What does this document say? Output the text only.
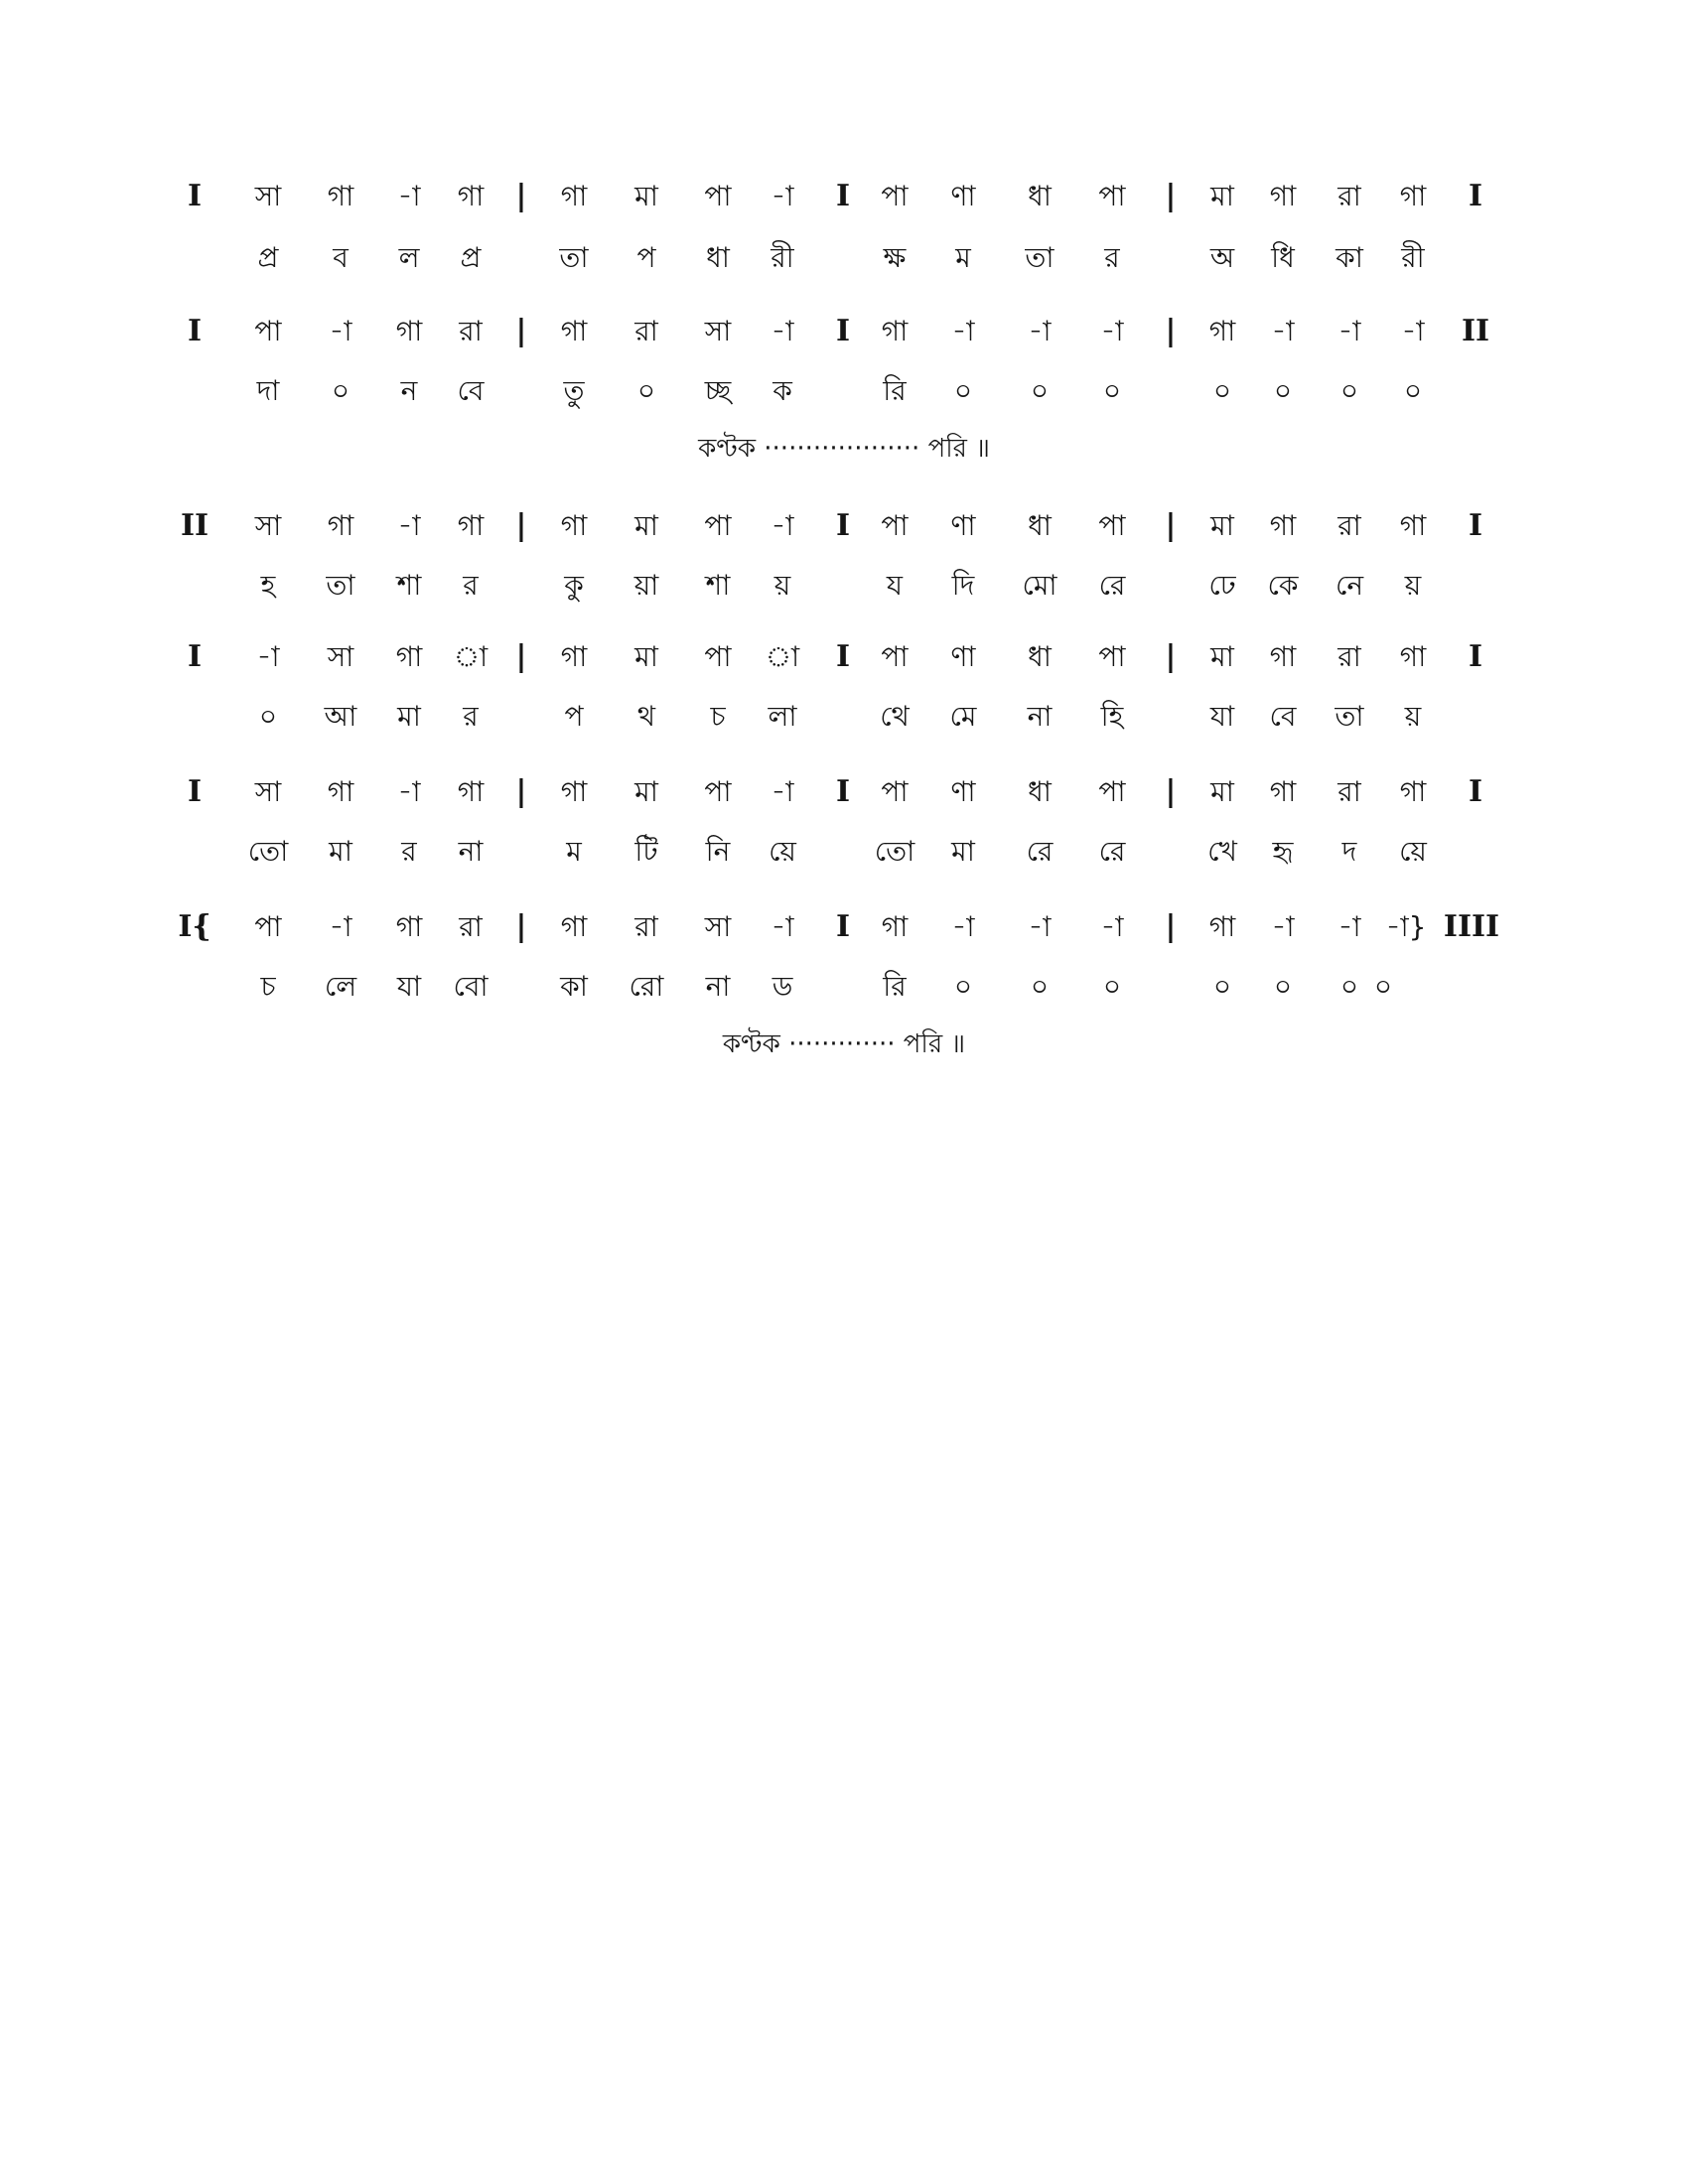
I	সা	গা	-া	গা	|	গা	মা	পা	-া	I	পা	ণা	ধা	পা	|	মা	গা	রা	গা	I
প্র	ব	ল	প্র	তা	প	ধা	রী	ক্ষ	ম	তা	র	অ	ধি	কা	রী
I	পা	-া	গা	রা	|	গা	রা	সা	-া	I	গা	-া	-া	-া	|	গা	-া	-া	-া	II
দা	০	ন	বে	তু	০	চ্ছ	ক	রি	০	০	০	০	০	০	০
কণ্টক ··················· পরি ॥
II	সা	গা	-া	গা	|	গা	মা	পা	-া	I	পা	ণা	ধা	পা	|	মা	গা	রা	গা	I
হ	তা	শা	র	কু	য়া	শা	য়	য	দি	মো	রে	ঢে	কে	নে	য়
I	-া	সা	গা	া |	গা	মা	পা	া	I	পা	ণা	ধা	পা	|	মা	গা	রা	গা	I
০	আ	মা	র	প	থ	চ	লা	থে	মে	না	হি	যা	বে	তা	য়
I	সা	গা	-া	গা	|	গা	মা	পা	-া	I	পা	ণা	ধা	পা	|	মা	গা	রা	গা	I
তো	মা	র	না	ম	টি	নি	য়ে	তো	মা	রে	রে	খে	হৃ	দ	য়ে
I{	পা	-া	গা	রা	|	গা	রা	সা	-া	I	গা	-া	-া	-া	|	গা	-া	-া -া} IIII
চ	লে	যা	বো	কা	রো	না	ড	রি	০	০	০	০	০	০ ০
কণ্টক ············· পরি ॥
